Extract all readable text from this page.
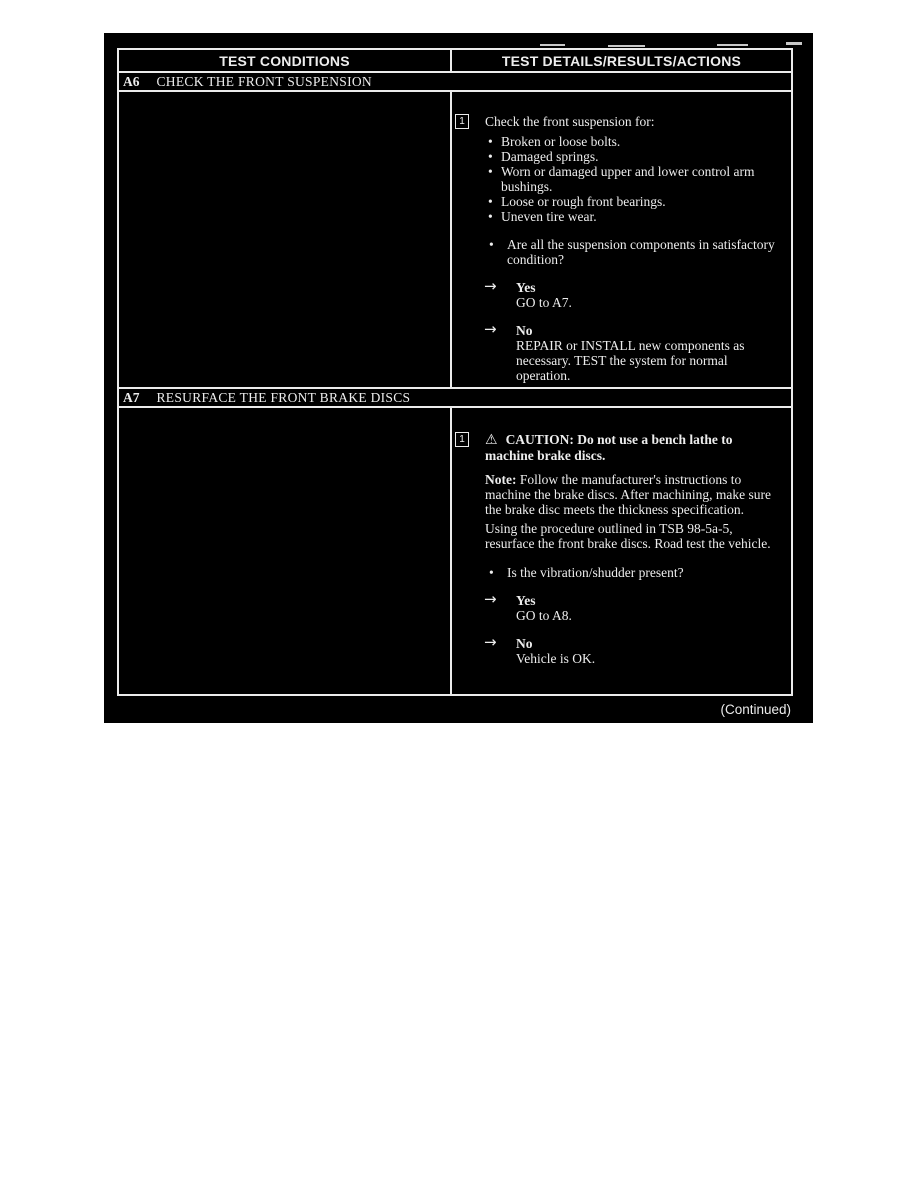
TEST CONDITIONS	TEST DETAILS/RESULTS/ACTIONS
A6 CHECK THE FRONT SUSPENSION
1	Check the front suspension for:
• Broken or loose bolts.
• Damaged springs.
• Worn or damaged upper and lower control arm bushings.
• Loose or rough front bearings.
• Uneven tire wear.
• Are all the suspension components in satisfactory condition?
→ Yes
GO to A7.
→ No
REPAIR or INSTALL new components as necessary. TEST the system for normal operation.
A7 RESURFACE THE FRONT BRAKE DISCS
1	⚠ CAUTION: Do not use a bench lathe to machine brake discs.

Note: Follow the manufacturer's instructions to machine the brake discs. After machining, make sure the brake disc meets the thickness specification.
Using the procedure outlined in TSB 98-5a-5, resurface the front brake discs. Road test the vehicle.
• Is the vibration/shudder present?
→ Yes
GO to A8.
→ No
Vehicle is OK.
(Continued)
